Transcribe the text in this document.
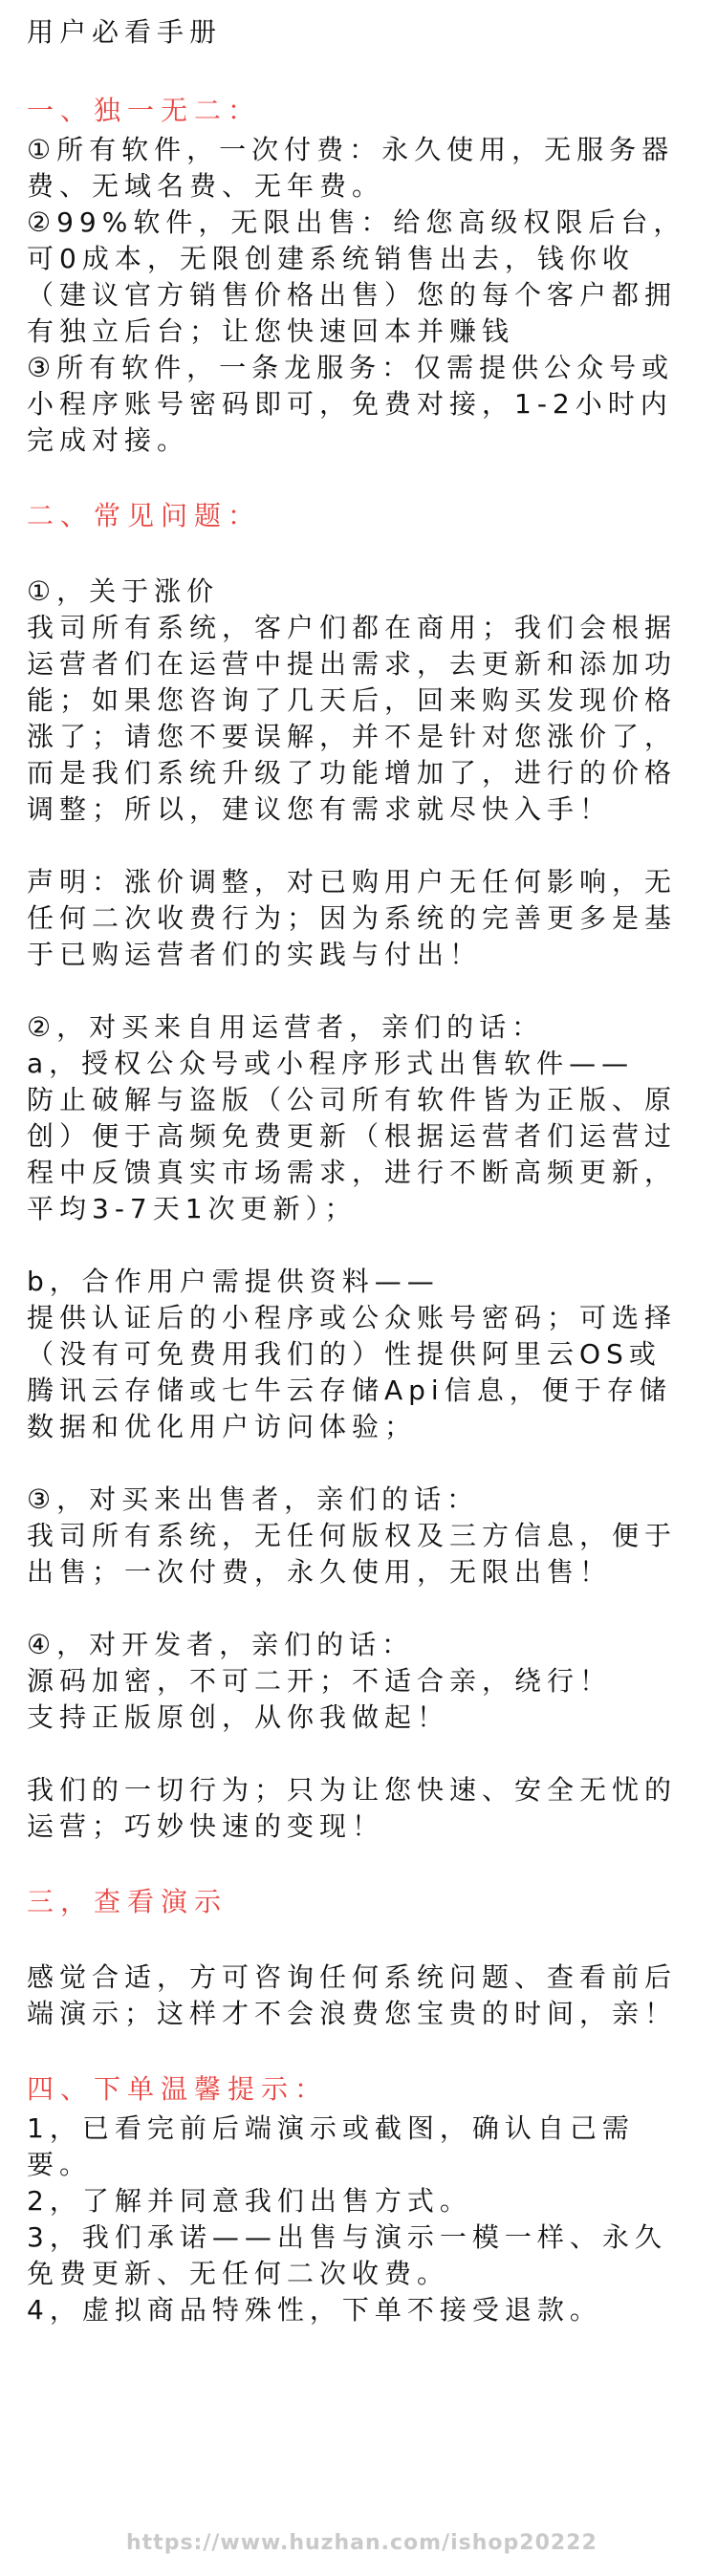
用户必看手册
一、独一无二：

①所有软件，一次付费：永久使用，无服务器费、无域名费、无年费。

②99%软件，无限出售：给您高级权限后台，可0成本，无限创建系统销售出去，钱你收（建议官方销售价格出售）您的每个客户都拥有独立后台；让您快速回本并赚钱

③所有软件，一条龙服务：仅需提供公众号或小程序账号密码即可，免费对接，1-2小时内完成对接。

二、常见问题：

①，关于涨价

我司所有系统，客户们都在商用；我们会根据运营者们在运营中提出需求，去更新和添加功能；如果您咨询了几天后，回来购买发现价格涨了；请您不要误解，并不是针对您涨价了，而是我们系统升级了功能增加了，进行的价格调整；所以，建议您有需求就尽快入手！

声明：涨价调整，对已购用户无任何影响，无任何二次收费行为；因为系统的完善更多是基于已购运营者们的实践与付出！

②，对买来自用运营者，亲们的话：

a，授权公众号或小程序形式出售软件——

防止破解与盗版（公司所有软件皆为正版、原创）便于高频免费更新（根据运营者们运营过程中反馈真实市场需求，进行不断高频更新，平均3-7天1次更新）；

b，合作用户需提供资料——

提供认证后的小程序或公众账号密码；可选择（没有可免费用我们的）性提供阿里云OS或腾讯云存储或七牛云存储Api信息，便于存储数据和优化用户访问体验；

③，对买来出售者，亲们的话：

我司所有系统，无任何版权及三方信息，便于出售；一次付费，永久使用，无限出售！

④，对开发者，亲们的话：

源码加密，不可二开；不适合亲，绕行！

支持正版原创，从你我做起！

我们的一切行为；只为让您快速、安全无忧的运营；巧妙快速的变现！

三，查看演示

感觉合适，方可咨询任何系统问题、查看前后端演示；这样才不会浪费您宝贵的时间，亲！

四、下单温馨提示：

1，已看完前后端演示或截图，确认自己需要。

2，了解并同意我们出售方式。

3，我们承诺——出售与演示一模一样、永久免费更新、无任何二次收费。

4，虚拟商品特殊性，下单不接受退款。

https://www.huzhan.com/ishop20222
